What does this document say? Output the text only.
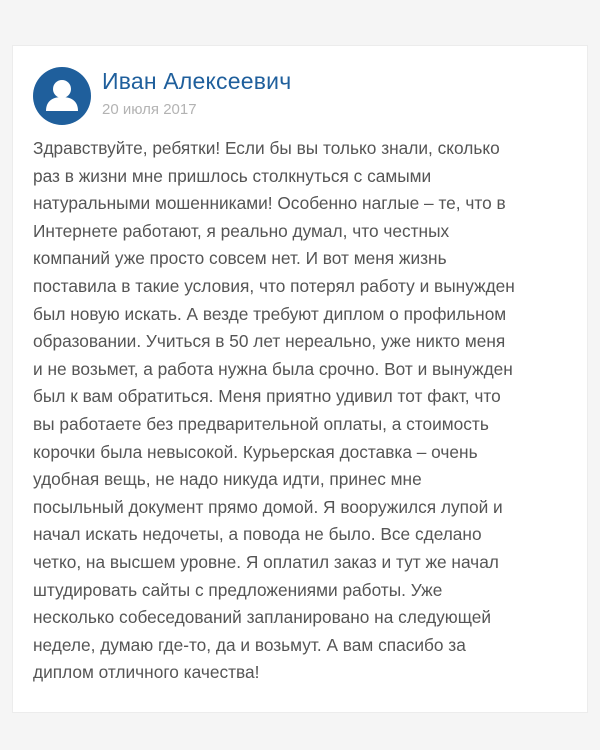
Иван Алексеевич
20 июля 2017

Здравствуйте, ребятки! Если бы вы только знали, сколько
раз в жизни мне пришлось столкнуться с самыми
натуральными мошенниками! Особенно наглые – те, что в
Интернете работают, я реально думал, что честных
компаний уже просто совсем нет. И вот меня жизнь
поставила в такие условия, что потерял работу и вынужден
был новую искать. А везде требуют диплом о профильном
образовании. Учиться в 50 лет нереально, уже никто меня
и не возьмет, а работа нужна была срочно. Вот и вынужден
был к вам обратиться. Меня приятно удивил тот факт, что
вы работаете без предварительной оплаты, а стоимость
корочки была невысокой. Курьерская доставка – очень
удобная вещь, не надо никуда идти, принес мне
посыльный документ прямо домой. Я вооружился лупой и
начал искать недочеты, а повода не было. Все сделано
четко, на высшем уровне. Я оплатил заказ и тут же начал
штудировать сайты с предложениями работы. Уже
несколько собеседований запланировано на следующей
неделе, думаю где-то, да и возьмут. А вам спасибо за
диплом отличного качества!
